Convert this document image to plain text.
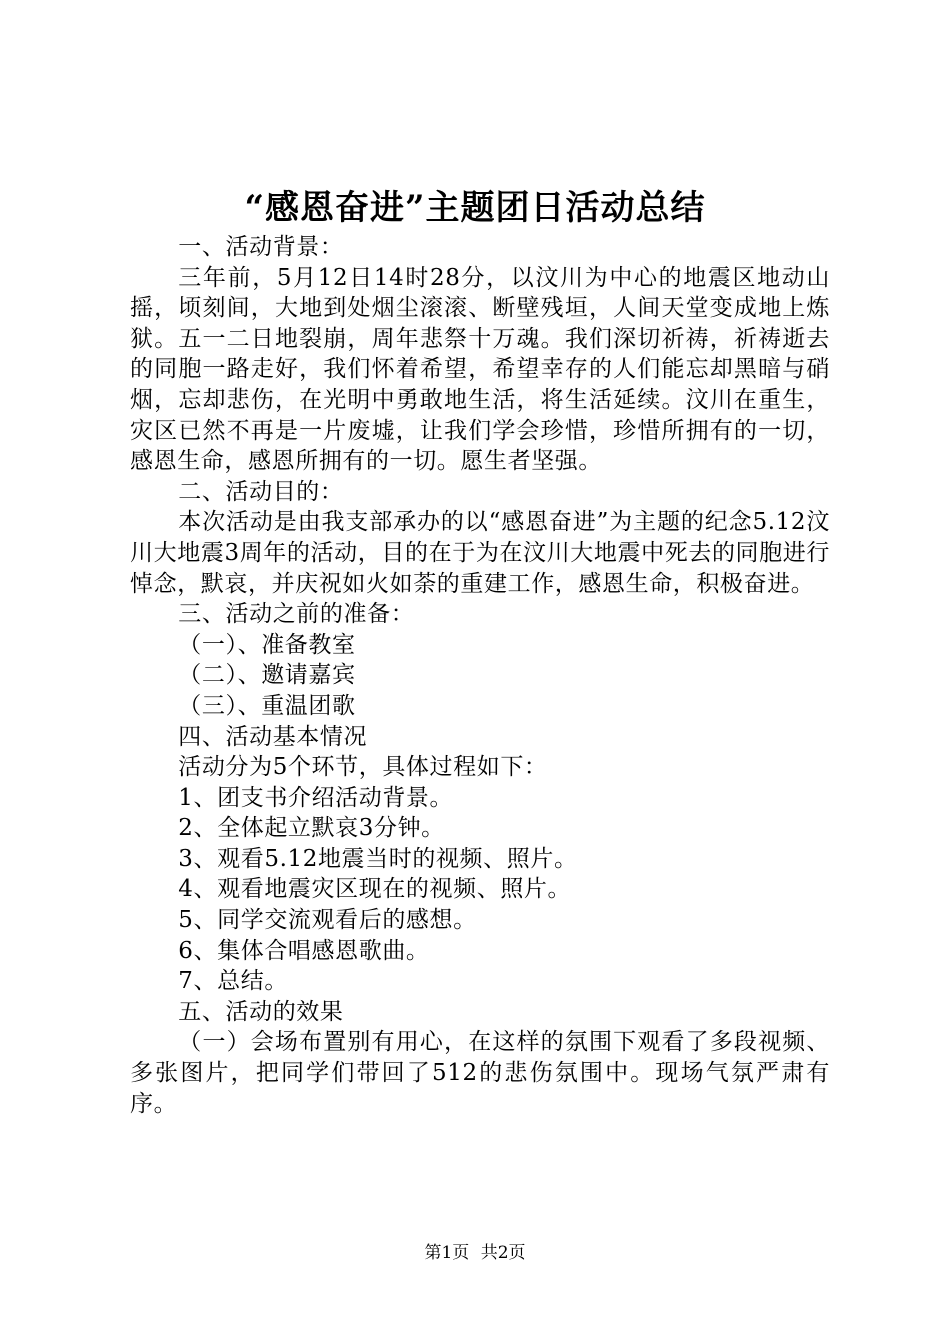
“感恩奋进”主题团日活动总结

一、活动背景：

三年前，5月12日14时28分，以汶川为中心的地震区地动山摇，顷刻间，大地到处烟尘滚滚、断壁残垣，人间天堂变成地上炼狱。五一二日地裂崩，周年悲祭十万魂。我们深切祈祷，祈祷逝去的同胞一路走好，我们怀着希望，希望幸存的人们能忘却黑暗与硝烟，忘却悲伤，在光明中勇敢地生活，将生活延续。汶川在重生，灾区已然不再是一片废墟，让我们学会珍惜，珍惜所拥有的一切，感恩生命，感恩所拥有的一切。愿生者坚强。

二、活动目的：

本次活动是由我支部承办的以“感恩奋进”为主题的纪念5.12汶川大地震3周年的活动，目的在于为在汶川大地震中死去的同胞进行悼念，默哀，并庆祝如火如荼的重建工作，感恩生命，积极奋进。

三、活动之前的准备：

（一）、准备教室

（二）、邀请嘉宾

（三）、重温团歌

四、活动基本情况

活动分为5个环节，具体过程如下：

1、团支书介绍活动背景。

2、全体起立默哀3分钟。

3、观看5.12地震当时的视频、照片。

4、观看地震灾区现在的视频、照片。

5、同学交流观看后的感想。

6、集体合唱感恩歌曲。

7、总结。

五、活动的效果

（一）会场布置别有用心，在这样的氛围下观看了多段视频、多张图片，把同学们带回了512的悲伤氛围中。现场气氛严肃有序。

第1页 共2页
